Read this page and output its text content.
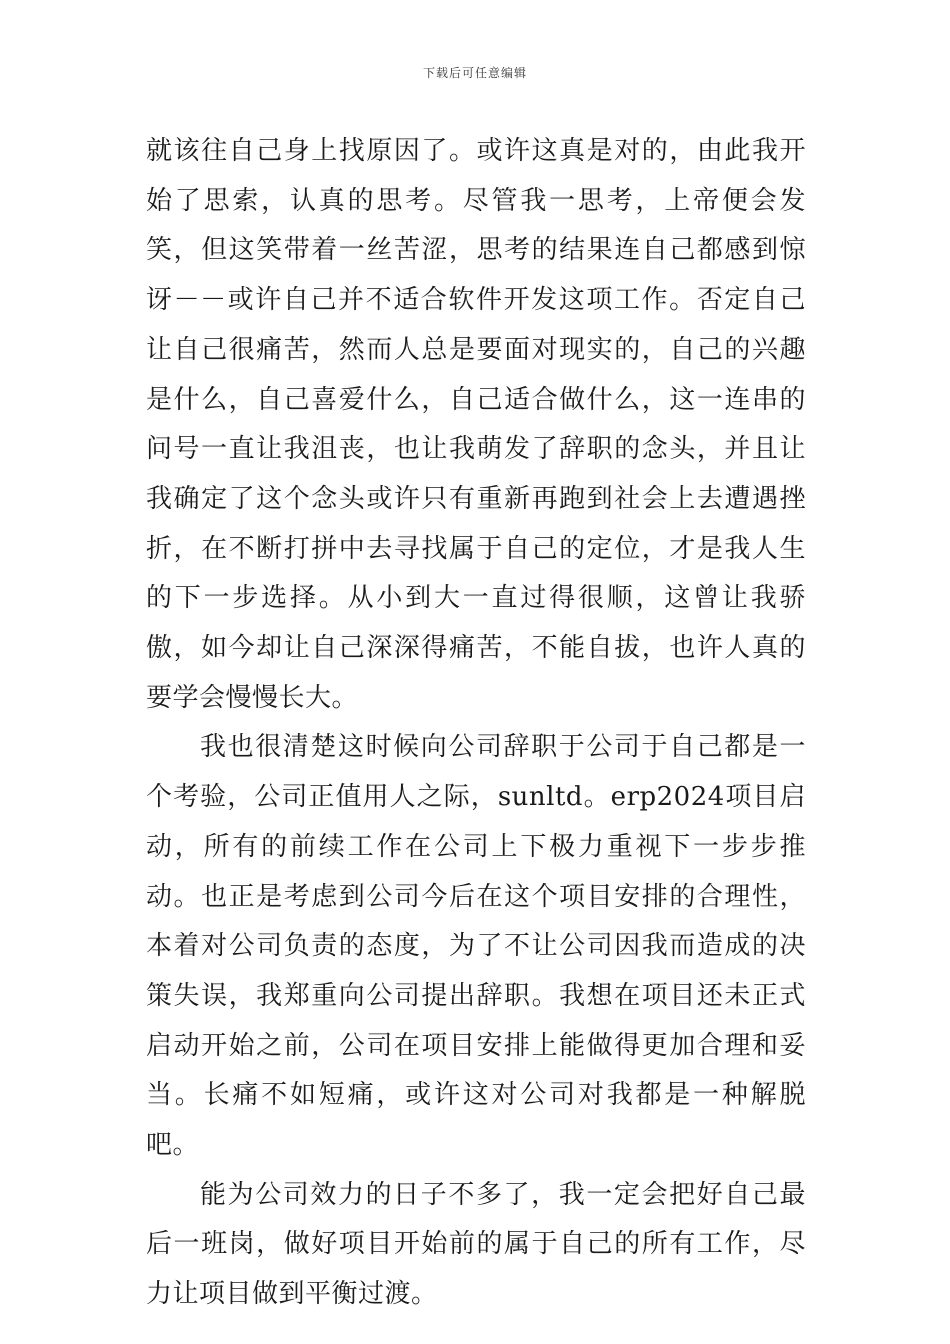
下载后可任意编辑

就该往自己身上找原因了。或许这真是对的，由此我开始了思索，认真的思考。尽管我一思考，上帝便会发笑，但这笑带着一丝苦涩，思考的结果连自己都感到惊讶－－或许自己并不适合软件开发这项工作。否定自己让自己很痛苦，然而人总是要面对现实的，自己的兴趣是什么，自己喜爱什么，自己适合做什么，这一连串的问号一直让我沮丧，也让我萌发了辞职的念头，并且让我确定了这个念头或许只有重新再跑到社会上去遭遇挫折，在不断打拼中去寻找属于自己的定位，才是我人生的下一步选择。从小到大一直过得很顺，这曾让我骄傲，如今却让自己深深得痛苦，不能自拔，也许人真的要学会慢慢长大。

我也很清楚这时候向公司辞职于公司于自己都是一个考验，公司正值用人之际，sunltd。erp2024项目启动，所有的前续工作在公司上下极力重视下一步步推动。也正是考虑到公司今后在这个项目安排的合理性，本着对公司负责的态度，为了不让公司因我而造成的决策失误，我郑重向公司提出辞职。我想在项目还未正式启动开始之前，公司在项目安排上能做得更加合理和妥当。长痛不如短痛，或许这对公司对我都是一种解脱吧。

能为公司效力的日子不多了，我一定会把好自己最后一班岗，做好项目开始前的属于自己的所有工作，尽力让项目做到平衡过渡。
